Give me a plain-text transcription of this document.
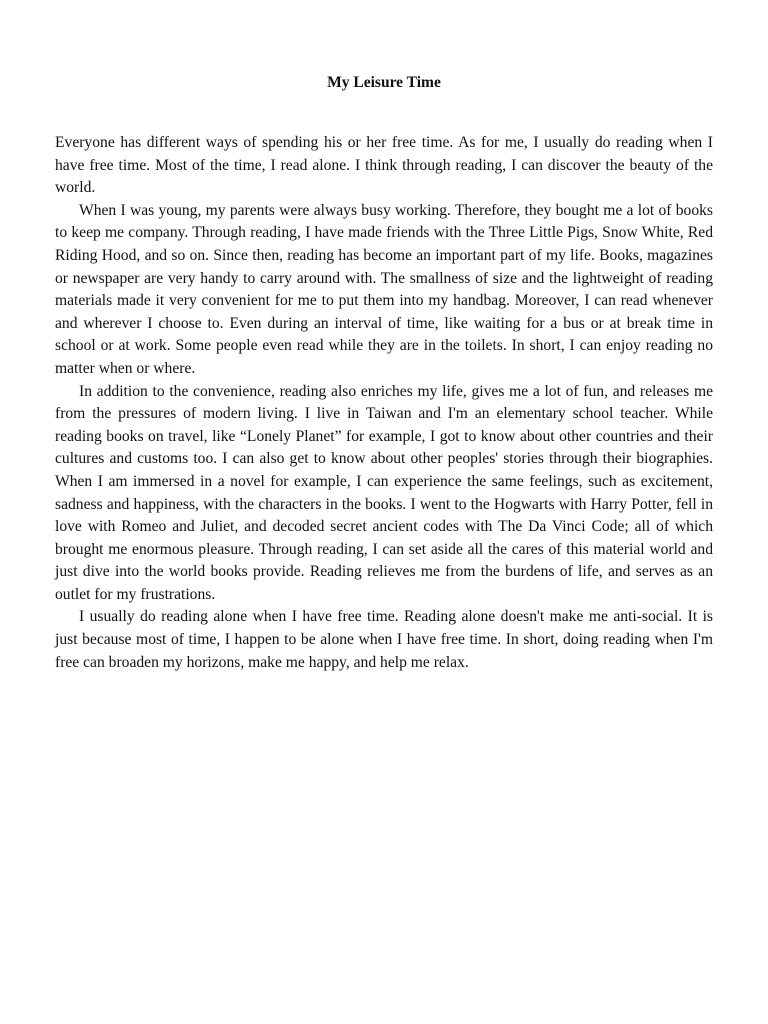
My Leisure Time

Everyone has different ways of spending his or her free time. As for me, I usually do reading when I have free time. Most of the time, I read alone. I think through reading, I can discover the beauty of the world.

When I was young, my parents were always busy working. Therefore, they bought me a lot of books to keep me company. Through reading, I have made friends with the Three Little Pigs, Snow White, Red Riding Hood, and so on. Since then, reading has become an important part of my life. Books, magazines or newspaper are very handy to carry around with. The smallness of size and the lightweight of reading materials made it very convenient for me to put them into my handbag. Moreover, I can read whenever and wherever I choose to. Even during an interval of time, like waiting for a bus or at break time in school or at work. Some people even read while they are in the toilets. In short, I can enjoy reading no matter when or where.

In addition to the convenience, reading also enriches my life, gives me a lot of fun, and releases me from the pressures of modern living. I live in Taiwan and I'm an elementary school teacher. While reading books on travel, like “Lonely Planet” for example, I got to know about other countries and their cultures and customs too. I can also get to know about other peoples' stories through their biographies. When I am immersed in a novel for example, I can experience the same feelings, such as excitement, sadness and happiness, with the characters in the books. I went to the Hogwarts with Harry Potter, fell in love with Romeo and Juliet, and decoded secret ancient codes with The Da Vinci Code; all of which brought me enormous pleasure. Through reading, I can set aside all the cares of this material world and just dive into the world books provide. Reading relieves me from the burdens of life, and serves as an outlet for my frustrations.

I usually do reading alone when I have free time. Reading alone doesn't make me anti-social. It is just because most of time, I happen to be alone when I have free time. In short, doing reading when I'm free can broaden my horizons, make me happy, and help me relax.
